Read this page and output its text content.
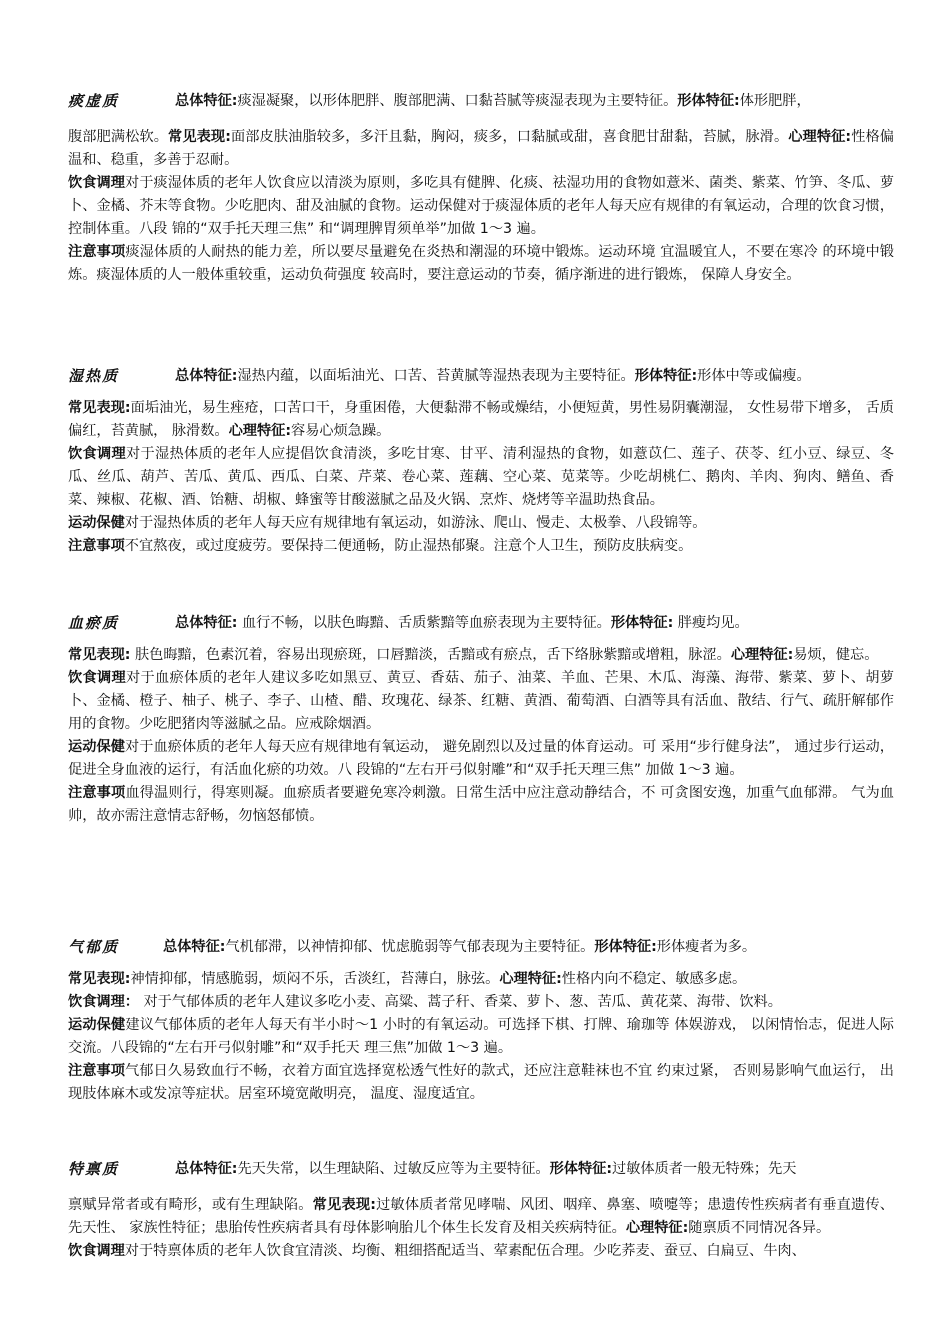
痰虚质	总体特征:痰湿凝聚，以形体肥胖、腹部肥满、口黏苔腻等痰湿表现为主要特征。形体特征:体形肥胖，

腹部肥满松软。常见表现:面部皮肤油脂较多，多汗且黏，胸闷，痰多，口黏腻或甜，喜食肥甘甜黏，苔腻，脉滑。心理特征:性格偏温和、稳重，多善于忍耐。

饮食调理对于痰湿体质的老年人饮食应以清淡为原则，多吃具有健脾、化痰、祛湿功用的食物如薏米、菌类、紫菜、竹笋、冬瓜、萝卜、金橘、芥末等食物。少吃肥肉、甜及油腻的食物。运动保健对于痰湿体质的老年人每天应有规律的有氧运动，合理的饮食习惯，控制体重。八段 锦的“双手托天理三焦” 和“调理脾胃须单举”加做 1～3 遍。

注意事项痰湿体质的人耐热的能力差，所以要尽量避免在炎热和潮湿的环境中锻炼。运动环境 宜温暖宜人，不要在寒冷 的环境中锻炼。痰湿体质的人一般体重较重，运动负荷强度 较高时，要注意运动的节奏，循序渐进的进行锻炼， 保障人身安全。

湿热质	总体特征:湿热内蕴，以面垢油光、口苦、苔黄腻等湿热表现为主要特征。形体特征:形体中等或偏瘦。

常见表现:面垢油光，易生痤疮，口苦口干，身重困倦，大便黏滞不畅或燥结，小便短黄，男性易阴囊潮湿， 女性易带下增多， 舌质偏红，苔黄腻， 脉滑数。心理特征:容易心烦急躁。

饮食调理对于湿热体质的老年人应提倡饮食清淡，多吃甘寒、甘平、清利湿热的食物，如薏苡仁、莲子、茯苓、红小豆、绿豆、冬瓜、丝瓜、葫芦、苦瓜、黄瓜、西瓜、白菜、芹菜、卷心菜、莲藕、空心菜、苋菜等。少吃胡桃仁、鹅肉、羊肉、狗肉、鳝鱼、香菜、辣椒、花椒、酒、饴糖、胡椒、蜂蜜等甘酸滋腻之品及火锅、烹炸、烧烤等辛温助热食品。

运动保健对于湿热体质的老年人每天应有规律地有氧运动，如游泳、爬山、慢走、太极拳、八段锦等。

注意事项不宜熬夜，或过度疲劳。要保持二便通畅，防止湿热郁聚。注意个人卫生，预防皮肤病变。

血瘀质	总体特征: 血行不畅，以肤色晦黯、舌质紫黯等血瘀表现为主要特征。形体特征: 胖瘦均见。

常见表现: 肤色晦黯，色素沉着，容易出现瘀斑，口唇黯淡，舌黯或有瘀点，舌下络脉紫黯或增粗，脉涩。心理特征:易烦，健忘。

饮食调理对于血瘀体质的老年人建议多吃如黑豆、黄豆、香菇、茄子、油菜、羊血、芒果、木瓜、海藻、海带、紫菜、萝卜、胡萝卜、金橘、橙子、柚子、桃子、李子、山楂、醋、玫瑰花、绿茶、红糖、黄酒、葡萄酒、白酒等具有活血、散结、行气、疏肝解郁作用的食物。少吃肥猪肉等滋腻之品。应戒除烟酒。

运动保健对于血瘀体质的老年人每天应有规律地有氧运动， 避免剧烈以及过量的体育运动。可 采用“步行健身法”， 通过步行运动，促进全身血液的运行，有活血化瘀的功效。八 段锦的“左右开弓似射雕”和“双手托天理三焦” 加做 1～3 遍。

注意事项血得温则行，得寒则凝。血瘀质者要避免寒冷刺激。日常生活中应注意动静结合，不 可贪图安逸，加重气血郁滞。 气为血帅，故亦需注意情志舒畅，勿恼怒郁愤。

气郁质	总体特征:气机郁滞，以神情抑郁、忧虑脆弱等气郁表现为主要特征。形体特征:形体瘦者为多。

常见表现:神情抑郁，情感脆弱，烦闷不乐，舌淡红，苔薄白，脉弦。心理特征:性格内向不稳定、敏感多虑。

饮食调理： 对于气郁体质的老年人建议多吃小麦、高粱、蒿子秆、香菜、萝卜、葱、苦瓜、黄花菜、海带、饮料。

运动保健建议气郁体质的老年人每天有半小时～1 小时的有氧运动。可选择下棋、打牌、瑜珈等 体娱游戏， 以闲情怡志，促进人际交流。八段锦的“左右开弓似射雕”和“双手托天 理三焦”加做 1～3 遍。

注意事项气郁日久易致血行不畅，衣着方面宜选择宽松透气性好的款式，还应注意鞋袜也不宜 约束过紧， 否则易影响气血运行， 出现肢体麻木或发凉等症状。居室环境宽敞明亮， 温度、湿度适宜。

特禀质	总体特征:先天失常，以生理缺陷、过敏反应等为主要特征。形体特征:过敏体质者一般无特殊；先天

禀赋异常者或有畸形，或有生理缺陷。常见表现:过敏体质者常见哮喘、风团、咽痒、鼻塞、喷嚏等；患遗传性疾病者有垂直遗传、先天性、 家族性特征；患胎传性疾病者具有母体影响胎儿个体生长发育及相关疾病特征。心理特征:随禀质不同情况各异。

饮食调理对于特禀体质的老年人饮食宜清淡、均衡、粗细搭配适当、荤素配伍合理。少吃荞麦、蚕豆、白扁豆、牛肉、
